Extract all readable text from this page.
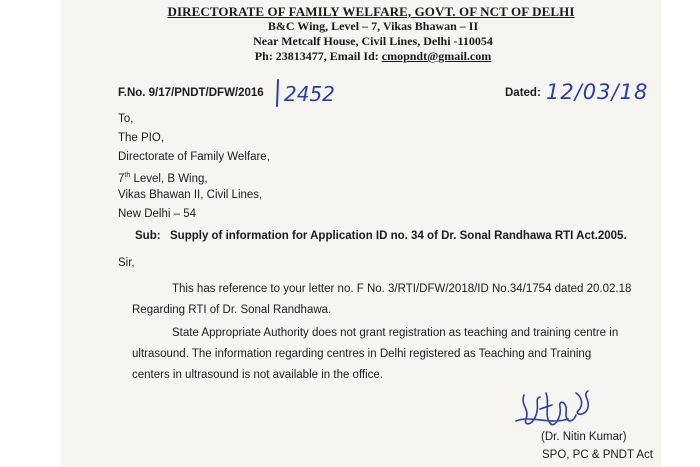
DIRECTORATE OF FAMILY WELFARE, GOVT. OF NCT OF DELHI
B&C Wing, Level – 7, Vikas Bhawan – II
Near Metcalf House, Civil Lines, Delhi -110054
Ph: 23813477, Email Id: cmopndt@gmail.com
F.No. 9/17/PNDT/DFW/2016 2452	Dated: 12/03/18
To,
The PIO,
Directorate of Family Welfare,
7th Level, B Wing,
Vikas Bhawan II, Civil Lines,
New Delhi – 54
Sub: Supply of information for Application ID no. 34 of Dr. Sonal Randhawa RTI Act.2005.
Sir,
This has reference to your letter no. F No. 3/RTI/DFW/2018/ID No.34/1754 dated 20.02.18 Regarding RTI of Dr. Sonal Randhawa.
State Appropriate Authority does not grant registration as teaching and training centre in ultrasound. The information regarding centres in Delhi registered as Teaching and Training centers in ultrasound is not available in the office.
(Dr. Nitin Kumar)
SPO, PC & PNDT Act
